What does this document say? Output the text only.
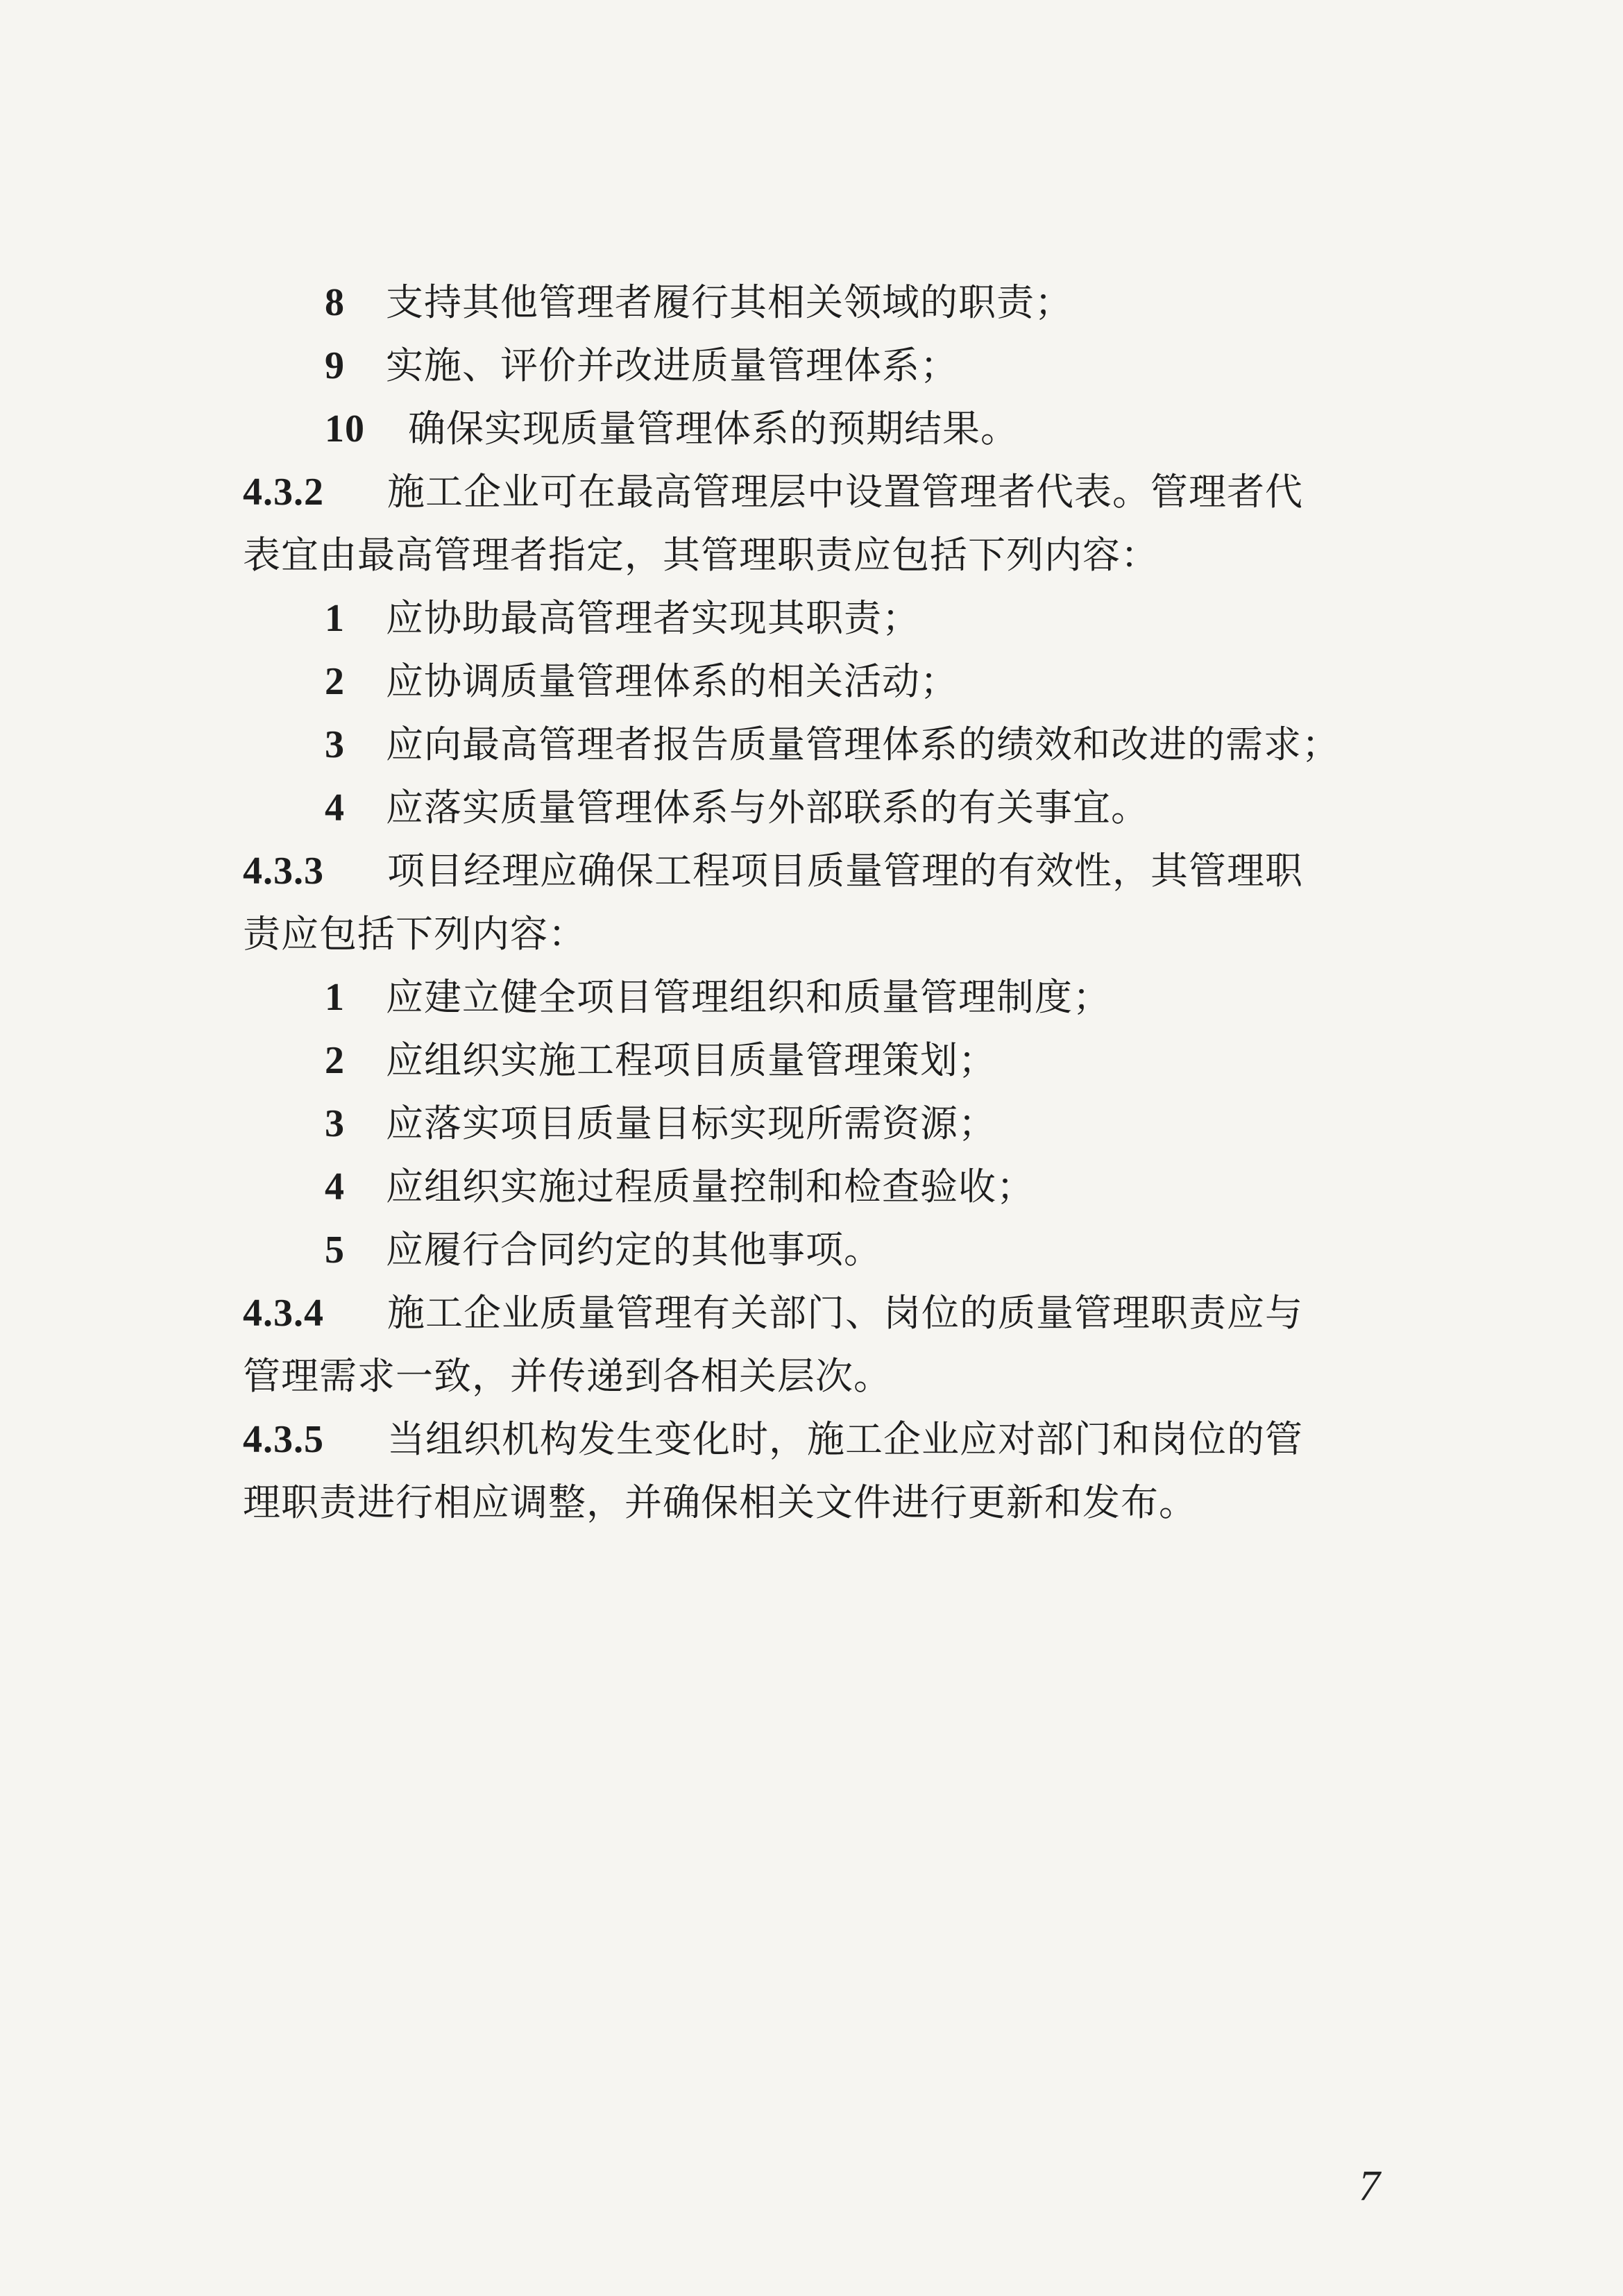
8 支持其他管理者履行其相关领域的职责；
9 实施、评价并改进质量管理体系；
10 确保实现质量管理体系的预期结果。
4.3.2 施工企业可在最高管理层中设置管理者代表。管理者代
表宜由最高管理者指定，其管理职责应包括下列内容：
1 应协助最高管理者实现其职责；
2 应协调质量管理体系的相关活动；
3 应向最高管理者报告质量管理体系的绩效和改进的需求；
4 应落实质量管理体系与外部联系的有关事宜。
4.3.3 项目经理应确保工程项目质量管理的有效性，其管理职
责应包括下列内容：
1 应建立健全项目管理组织和质量管理制度；
2 应组织实施工程项目质量管理策划；
3 应落实项目质量目标实现所需资源；
4 应组织实施过程质量控制和检查验收；
5 应履行合同约定的其他事项。
4.3.4 施工企业质量管理有关部门、岗位的质量管理职责应与
管理需求一致，并传递到各相关层次。
4.3.5 当组织机构发生变化时，施工企业应对部门和岗位的管
理职责进行相应调整，并确保相关文件进行更新和发布。
7
